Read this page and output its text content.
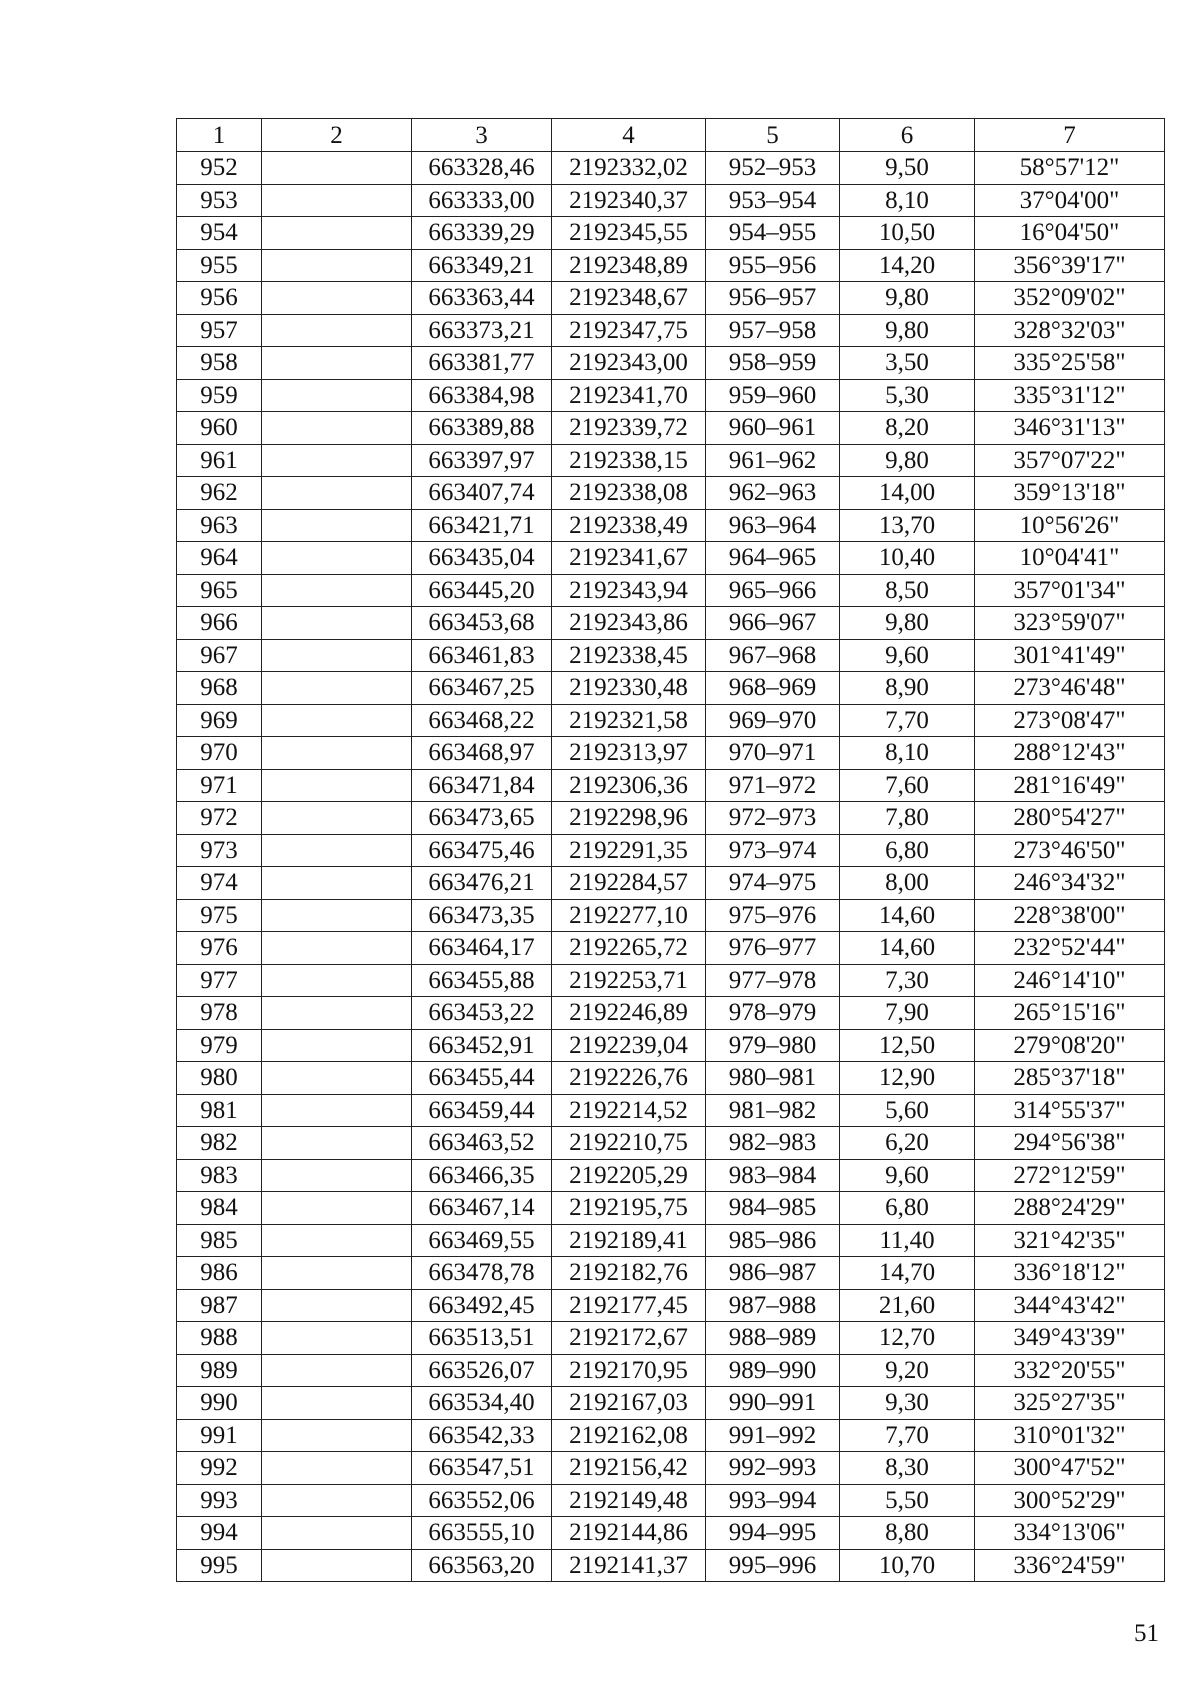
1	2	3	4	5	6	7
952		663328,46	2192332,02	952–953	9,50	58°57'12"
953		663333,00	2192340,37	953–954	8,10	37°04'00"
954		663339,29	2192345,55	954–955	10,50	16°04'50"
955		663349,21	2192348,89	955–956	14,20	356°39'17"
956		663363,44	2192348,67	956–957	9,80	352°09'02"
957		663373,21	2192347,75	957–958	9,80	328°32'03"
958		663381,77	2192343,00	958–959	3,50	335°25'58"
959		663384,98	2192341,70	959–960	5,30	335°31'12"
960		663389,88	2192339,72	960–961	8,20	346°31'13"
961		663397,97	2192338,15	961–962	9,80	357°07'22"
962		663407,74	2192338,08	962–963	14,00	359°13'18"
963		663421,71	2192338,49	963–964	13,70	10°56'26"
964		663435,04	2192341,67	964–965	10,40	10°04'41"
965		663445,20	2192343,94	965–966	8,50	357°01'34"
966		663453,68	2192343,86	966–967	9,80	323°59'07"
967		663461,83	2192338,45	967–968	9,60	301°41'49"
968		663467,25	2192330,48	968–969	8,90	273°46'48"
969		663468,22	2192321,58	969–970	7,70	273°08'47"
970		663468,97	2192313,97	970–971	8,10	288°12'43"
971		663471,84	2192306,36	971–972	7,60	281°16'49"
972		663473,65	2192298,96	972–973	7,80	280°54'27"
973		663475,46	2192291,35	973–974	6,80	273°46'50"
974		663476,21	2192284,57	974–975	8,00	246°34'32"
975		663473,35	2192277,10	975–976	14,60	228°38'00"
976		663464,17	2192265,72	976–977	14,60	232°52'44"
977		663455,88	2192253,71	977–978	7,30	246°14'10"
978		663453,22	2192246,89	978–979	7,90	265°15'16"
979		663452,91	2192239,04	979–980	12,50	279°08'20"
980		663455,44	2192226,76	980–981	12,90	285°37'18"
981		663459,44	2192214,52	981–982	5,60	314°55'37"
982		663463,52	2192210,75	982–983	6,20	294°56'38"
983		663466,35	2192205,29	983–984	9,60	272°12'59"
984		663467,14	2192195,75	984–985	6,80	288°24'29"
985		663469,55	2192189,41	985–986	11,40	321°42'35"
986		663478,78	2192182,76	986–987	14,70	336°18'12"
987		663492,45	2192177,45	987–988	21,60	344°43'42"
988		663513,51	2192172,67	988–989	12,70	349°43'39"
989		663526,07	2192170,95	989–990	9,20	332°20'55"
990		663534,40	2192167,03	990–991	9,30	325°27'35"
991		663542,33	2192162,08	991–992	7,70	310°01'32"
992		663547,51	2192156,42	992–993	8,30	300°47'52"
993		663552,06	2192149,48	993–994	5,50	300°52'29"
994		663555,10	2192144,86	994–995	8,80	334°13'06"
995		663563,20	2192141,37	995–996	10,70	336°24'59"
51
